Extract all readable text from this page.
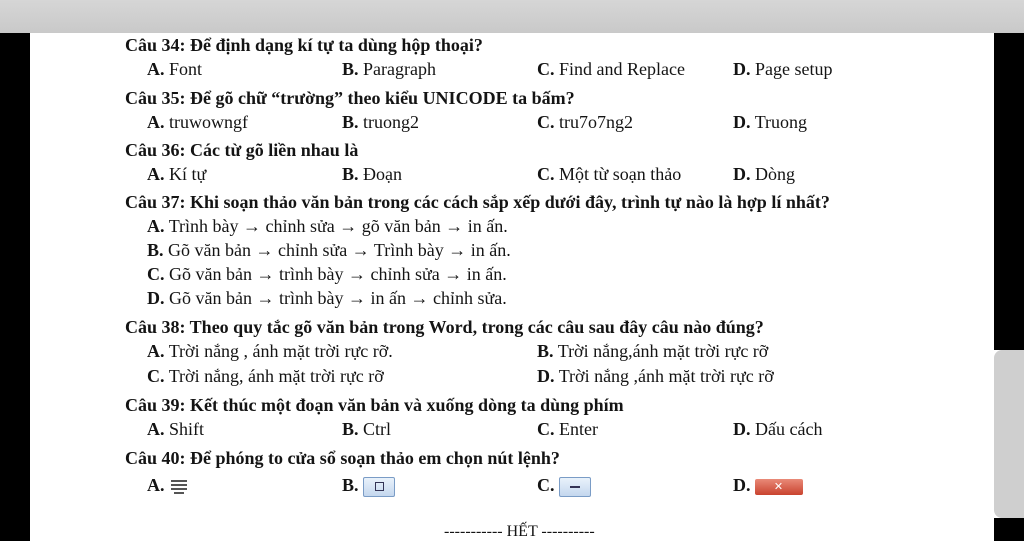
Câu 34: Để định dạng kí tự ta dùng hộp thoại?
A. Font	B. Paragraph	C. Find and Replace	D. Page setup
Câu 35: Để gõ chữ “trường” theo kiểu UNICODE ta bấm?
A. truwowngf	B. truong2	C. tru7o7ng2	D. Truong
Câu 36: Các từ gõ liền nhau là
A. Kí tự	B. Đoạn	C. Một từ soạn thảo	D. Dòng
Câu 37: Khi soạn thảo văn bản trong các cách sắp xếp dưới đây, trình tự nào là hợp lí nhất?
A. Trình bày → chỉnh sửa → gõ văn bản → in ấn.
B. Gõ văn bản → chỉnh sửa → Trình bày → in ấn.
C. Gõ văn bản → trình bày → chỉnh sửa → in ấn.
D. Gõ văn bản → trình bày → in ấn → chỉnh sửa.
Câu 38: Theo quy tắc gõ văn bản trong Word, trong các câu sau đây câu nào đúng?
A. Trời nắng , ánh mặt trời rực rỡ.	B. Trời nắng,ánh mặt trời rực rỡ
C. Trời nắng, ánh mặt trời rực rỡ	D. Trời nắng ,ánh mặt trời rực rỡ
Câu 39: Kết thúc một đoạn văn bản và xuống dòng ta dùng phím
A. Shift	B. Ctrl	C. Enter	D. Dấu cách
Câu 40: Để phóng to cửa sổ soạn thảo em chọn nút lệnh?
A.	B.	C.	D. ✕
----------- HẾT ----------
